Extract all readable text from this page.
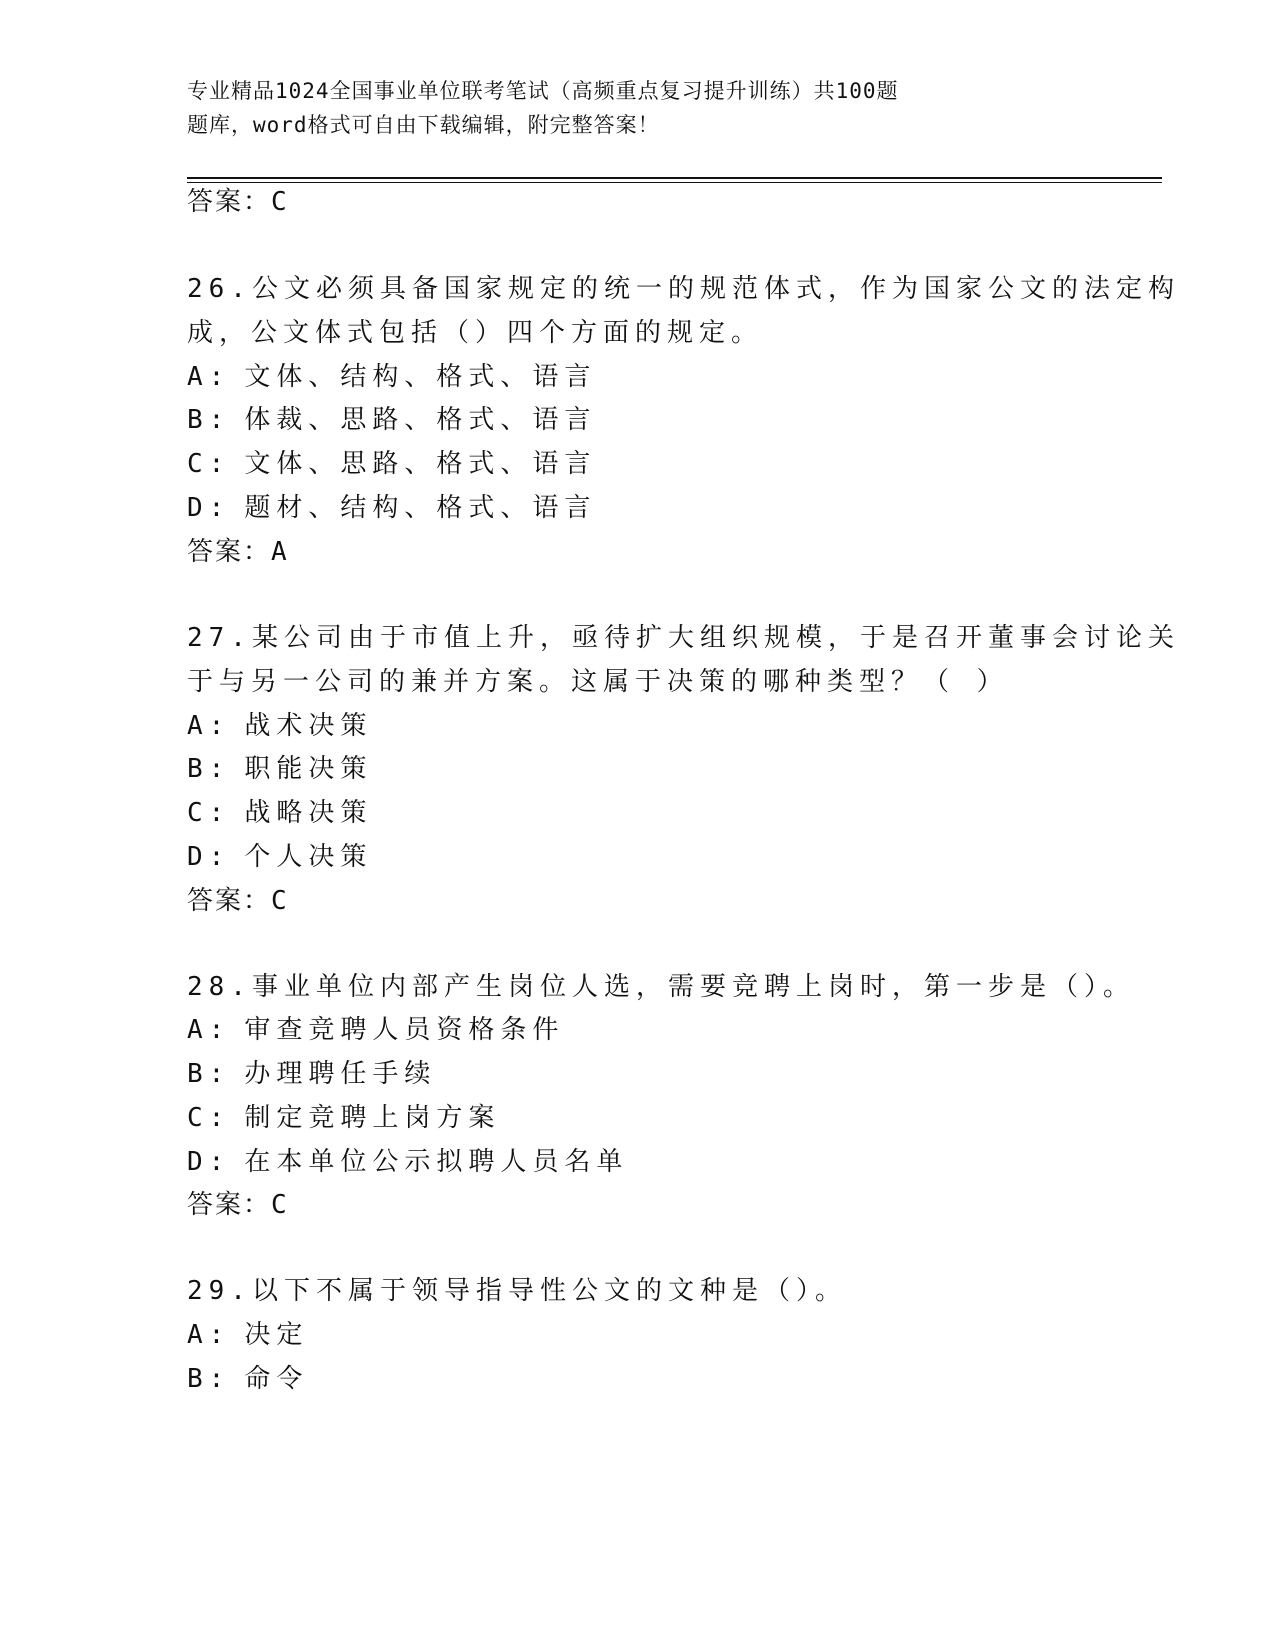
专业精品1024全国事业单位联考笔试（高频重点复习提升训练）共100题
题库，word格式可自由下载编辑，附完整答案！
答案：C
26.公文必须具备国家规定的统一的规范体式，作为国家公文的法定构
成，公文体式包括（）四个方面的规定。
A: 文体、结构、格式、语言
B: 体裁、思路、格式、语言
C: 文体、思路、格式、语言
D: 题材、结构、格式、语言
答案：A
27.某公司由于市值上升，亟待扩大组织规模，于是召开董事会讨论关
于与另一公司的兼并方案。这属于决策的哪种类型？（ ）
A: 战术决策
B: 职能决策
C: 战略决策
D: 个人决策
答案：C
28.事业单位内部产生岗位人选，需要竞聘上岗时，第一步是（）。
A: 审查竞聘人员资格条件
B: 办理聘任手续
C: 制定竞聘上岗方案
D: 在本单位公示拟聘人员名单
答案：C
29.以下不属于领导指导性公文的文种是（）。
A: 决定
B: 命令
